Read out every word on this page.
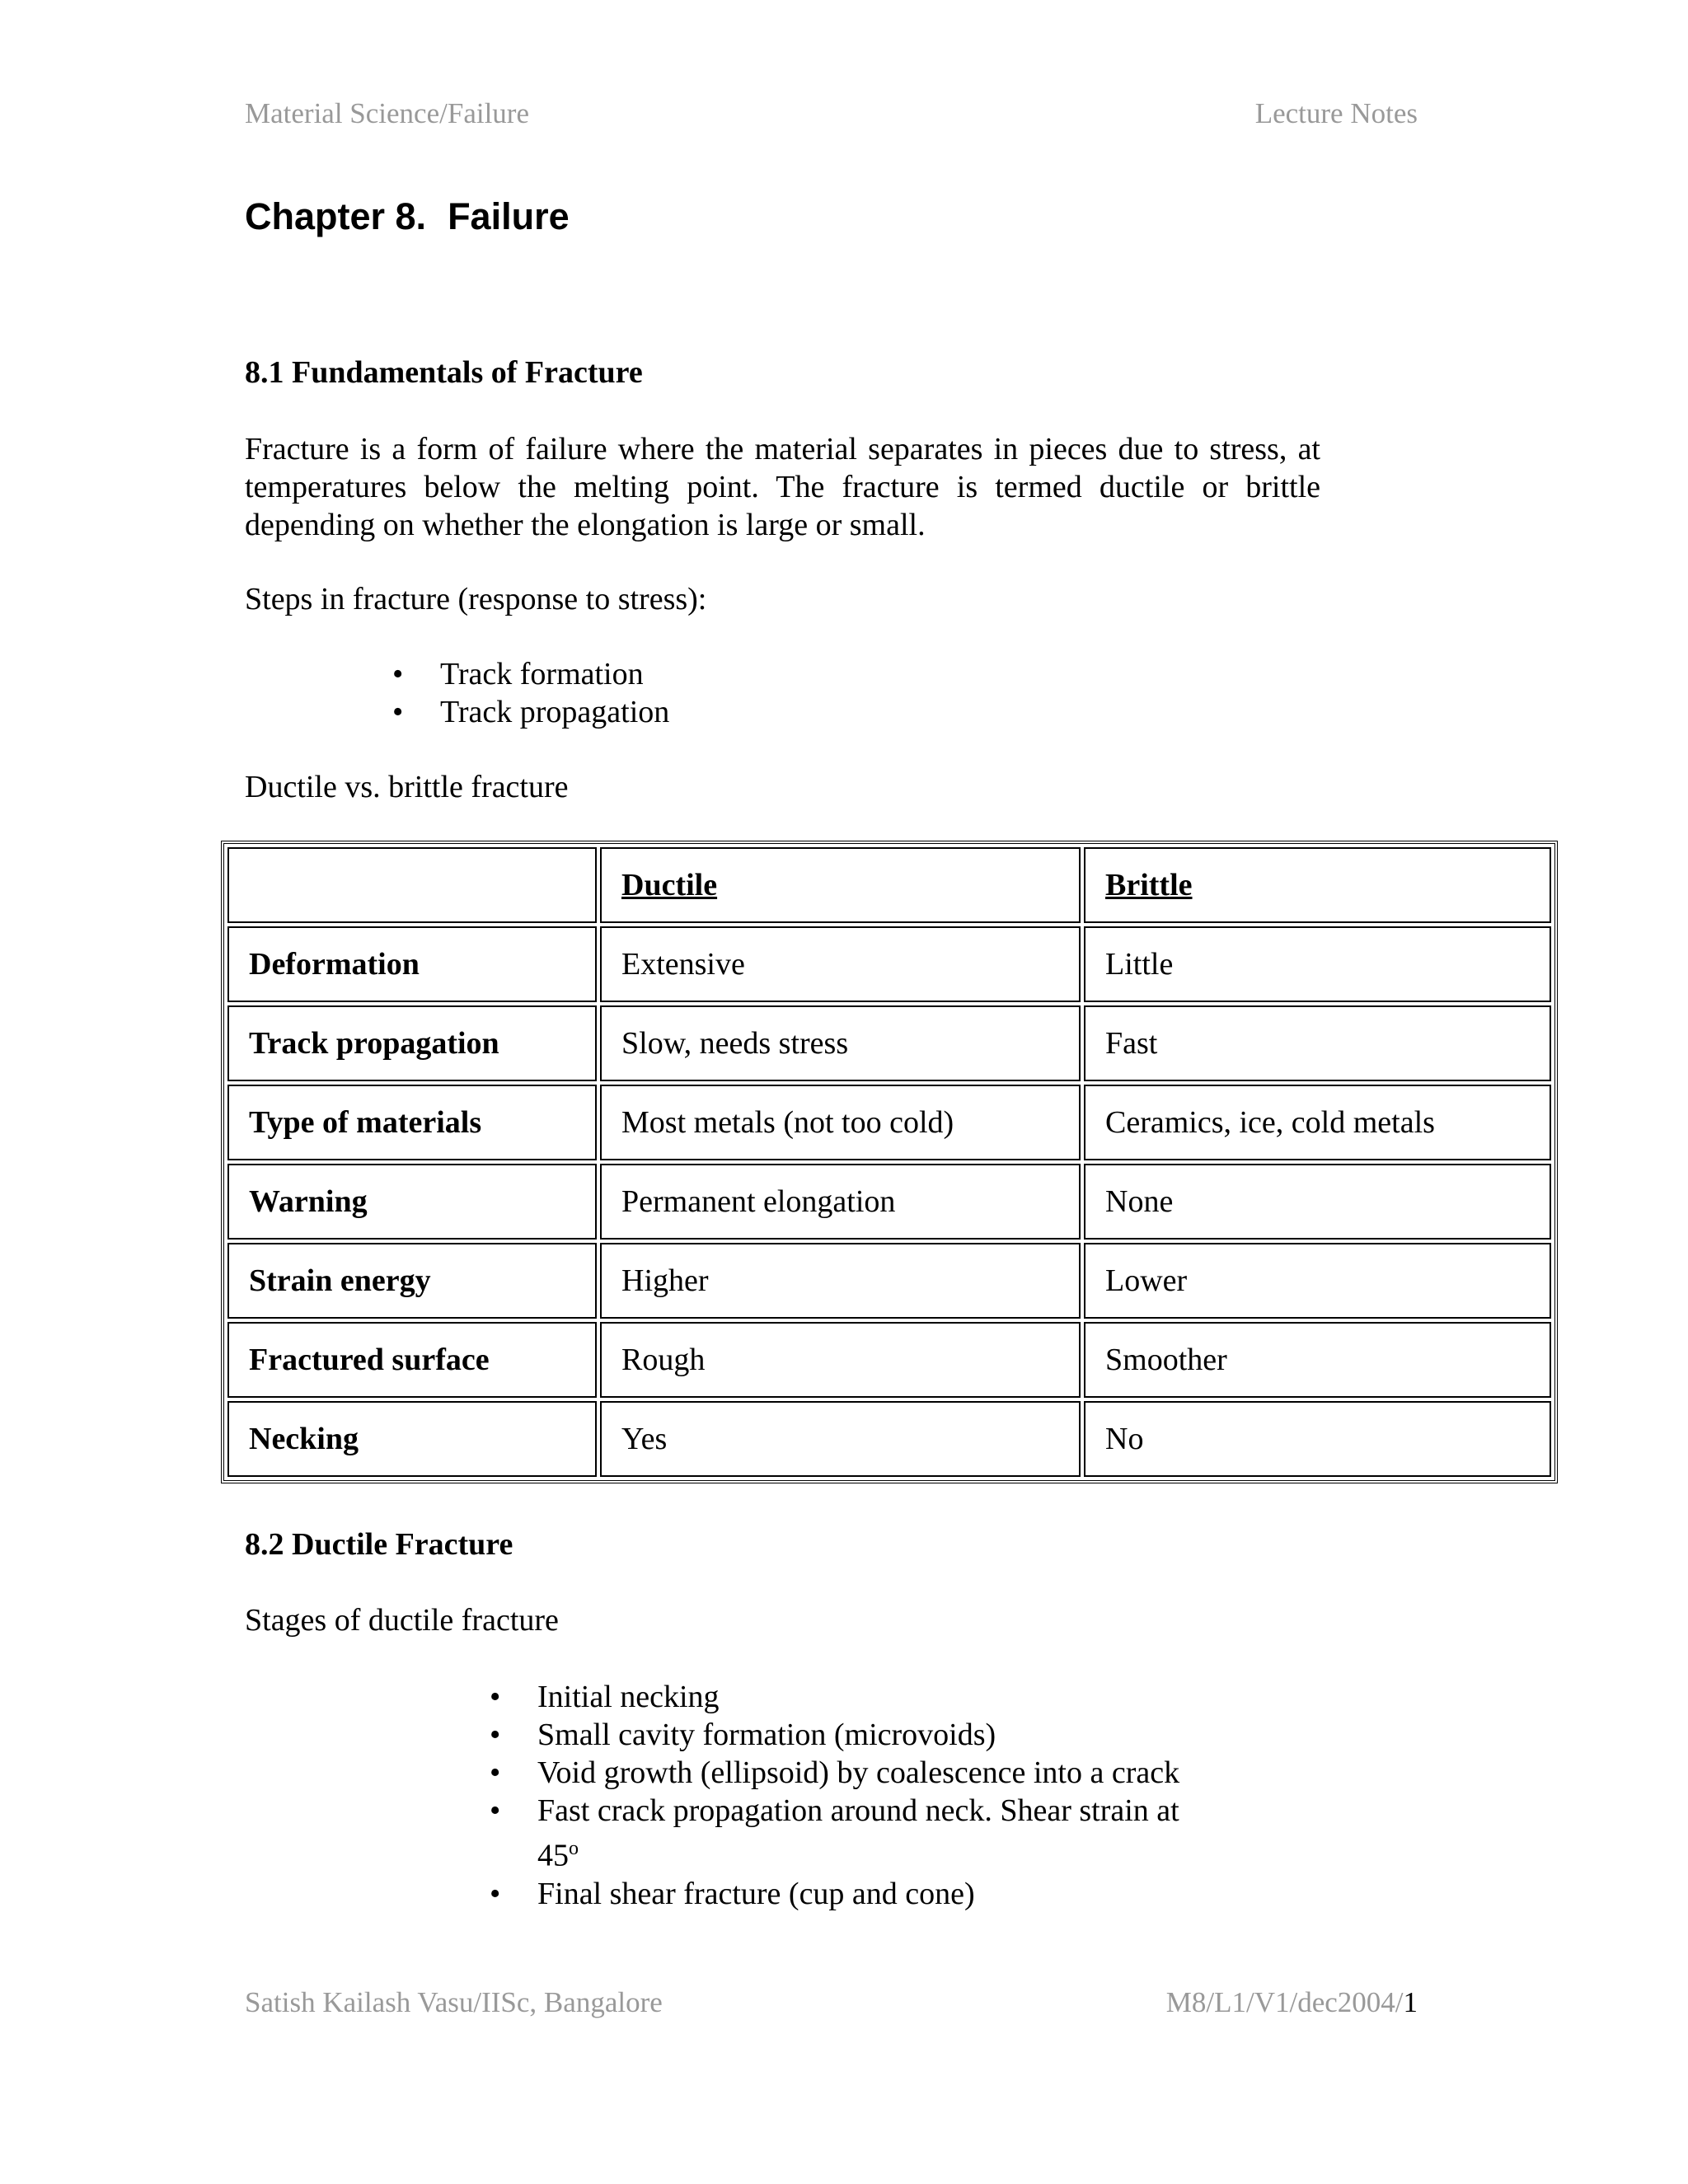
Material Science/Failure	Lecture Notes
Chapter 8. Failure
8.1 Fundamentals of Fracture
Fracture is a form of failure where the material separates in pieces due to stress, at
temperatures below the melting point. The fracture is termed ductile or brittle
depending on whether the elongation is large or small.

Steps in fracture (response to stress):

• Track formation
• Track propagation

Ductile vs. brittle fracture

	Ductile	Brittle
Deformation	Extensive	Little
Track propagation	Slow, needs stress	Fast
Type of materials	Most metals (not too cold)	Ceramics, ice, cold metals
Warning	Permanent elongation	None
Strain energy	Higher	Lower
Fractured surface	Rough	Smoother
Necking	Yes	No
8.2 Ductile Fracture

Stages of ductile fracture

• Initial necking
• Small cavity formation (microvoids)
• Void growth (ellipsoid) by coalescence into a crack
• Fast crack propagation around neck. Shear strain at
45$^o$
• Final shear fracture (cup and cone)
Satish Kailash Vasu/IISc, Bangalore	M8/L1/V1/dec2004/1
